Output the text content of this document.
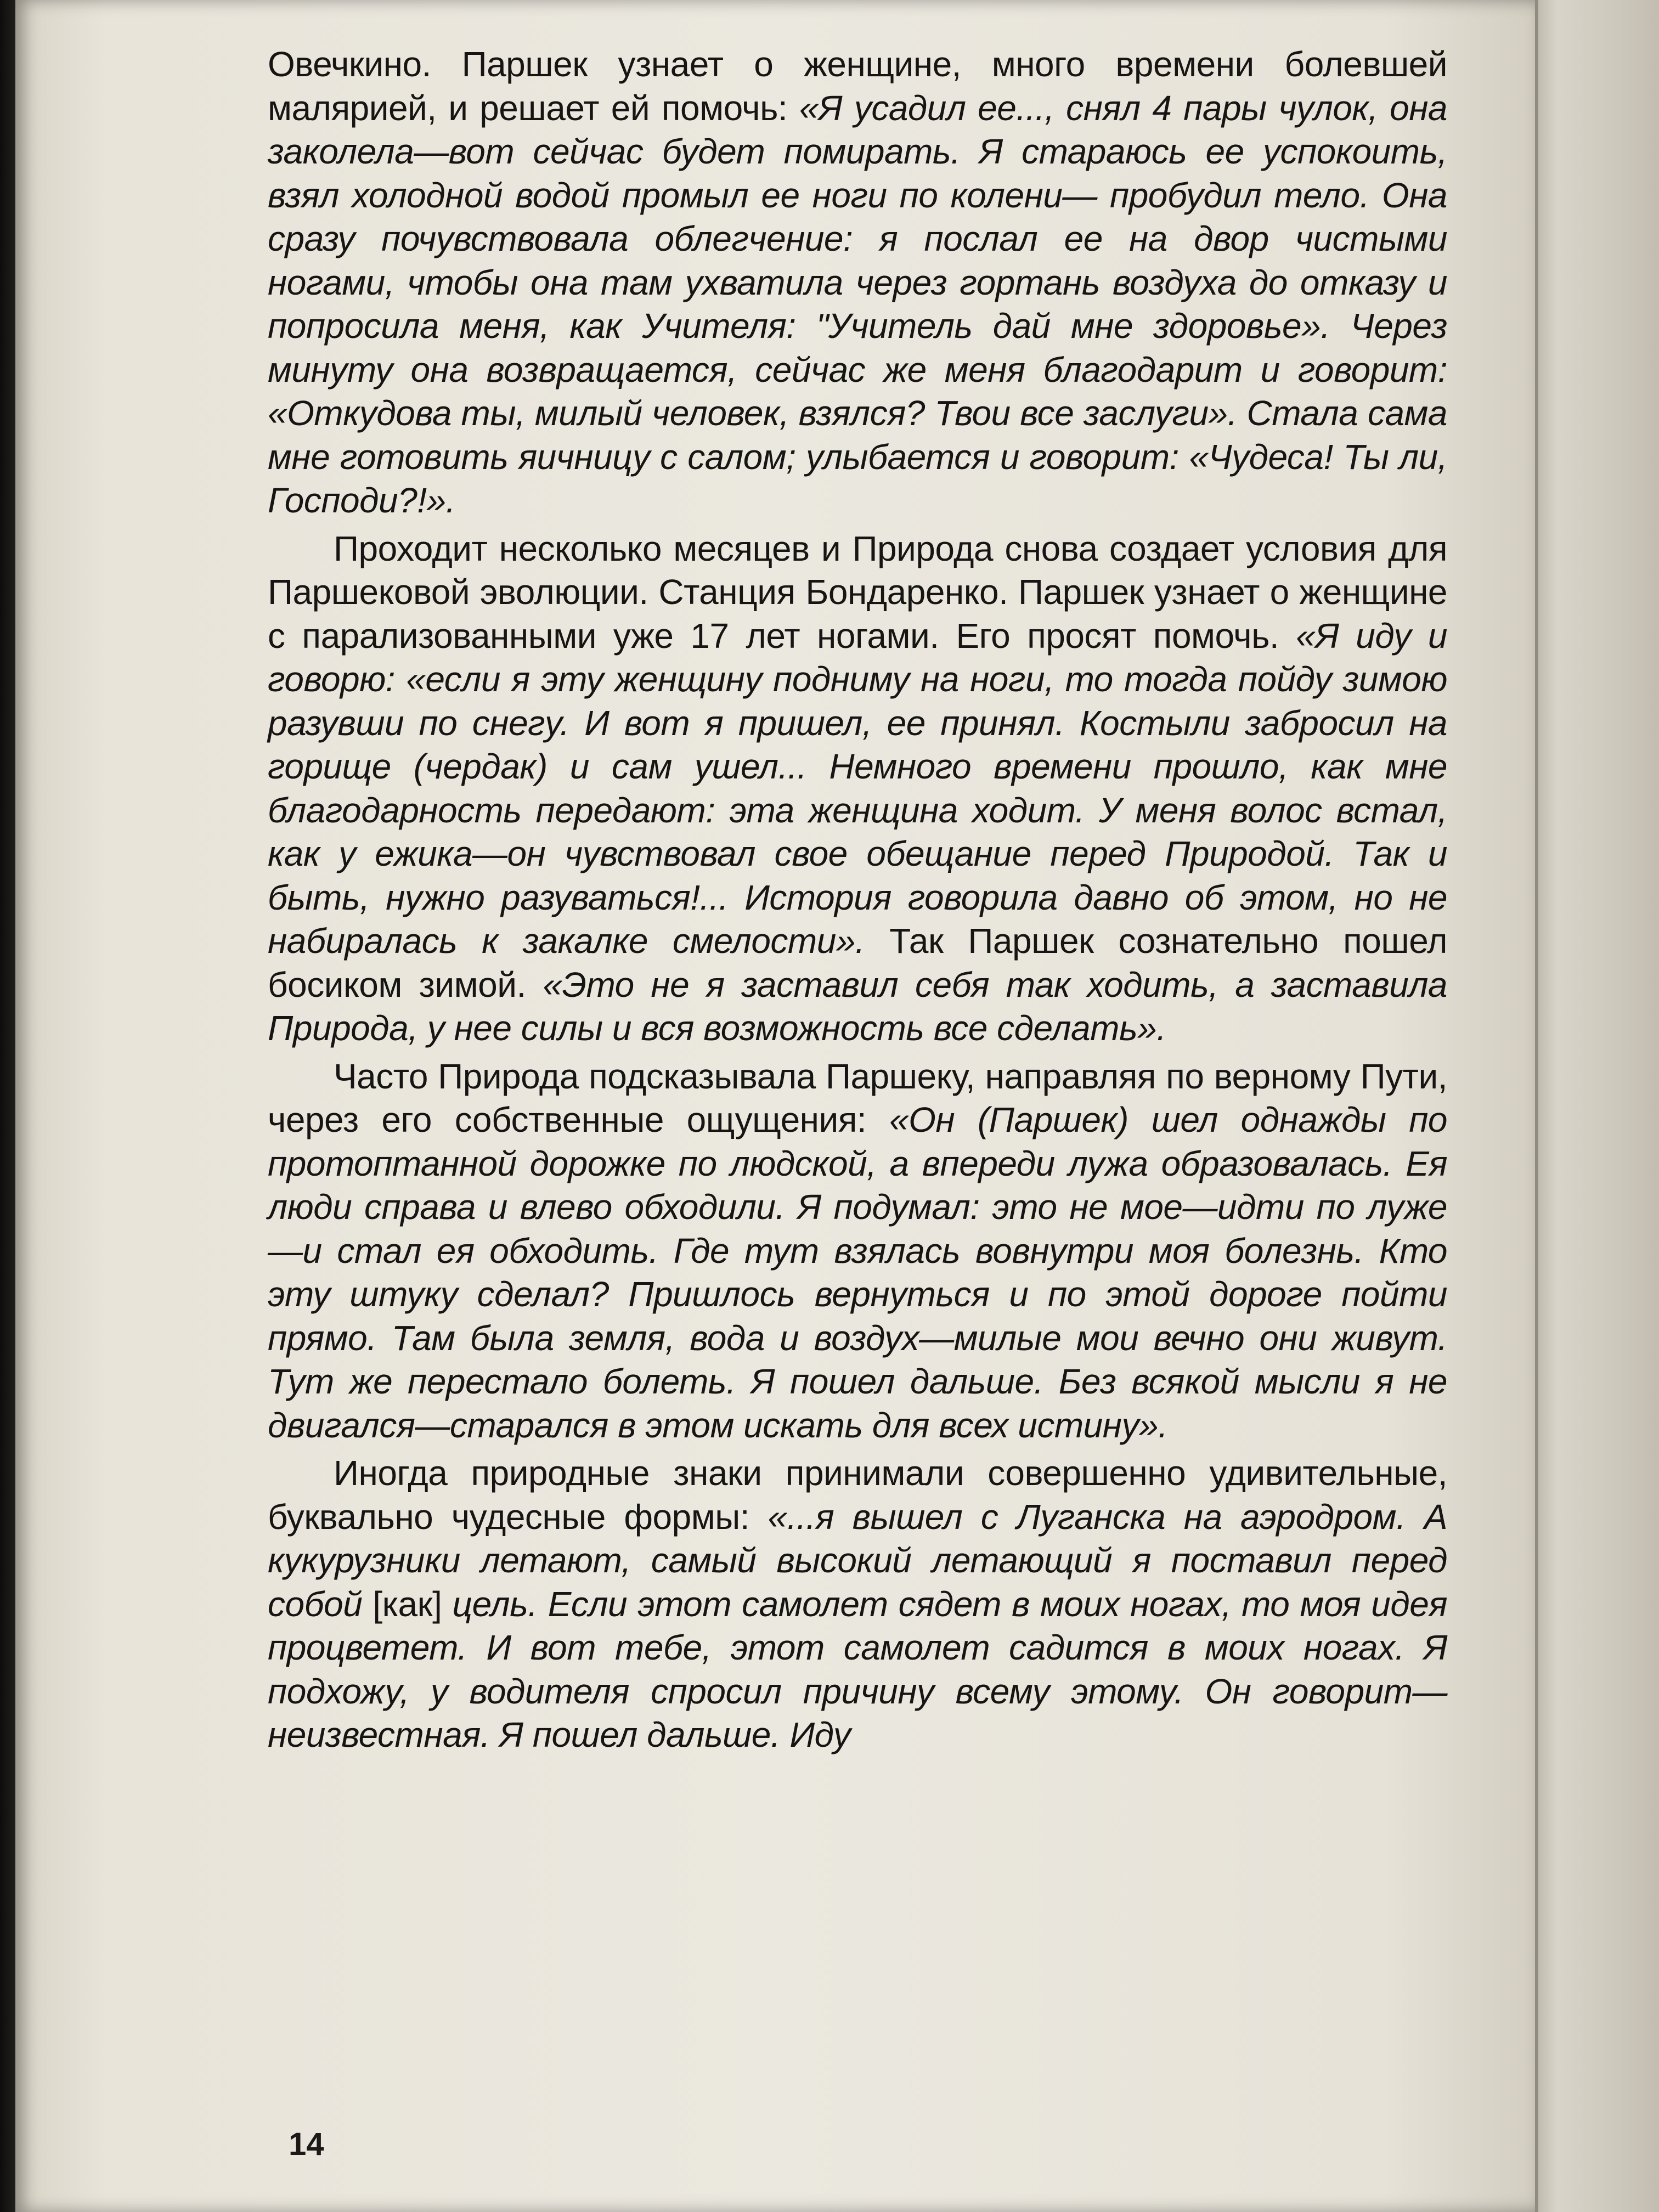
Овечкино. Паршек узнает о женщине, много времени болевшей малярией, и решает ей помочь: «Я усадил ее..., снял 4 пары чулок, она заколела—вот сейчас будет помирать. Я стараюсь ее успокоить, взял холодной водой промыл ее ноги по колени— пробудил тело. Она сразу почувствовала облегчение: я послал ее на двор чистыми ногами, чтобы она там ухватила через гортань воздуха до отказу и попросила меня, как Учителя: "Учитель дай мне здоровье». Через минуту она возвращается, сейчас же меня благодарит и говорит: «Откудова ты, милый человек, взялся? Твои все заслуги». Стала сама мне готовить яичницу с салом; улыбается и говорит: «Чудеса! Ты ли, Господи?!».

Проходит несколько месяцев и Природа снова создает условия для Паршековой эволюции. Станция Бондаренко. Паршек узнает о женщине с парализованными уже 17 лет ногами. Его просят помочь. «Я иду и говорю: «если я эту женщину подниму на ноги, то тогда пойду зимою разувши по снегу. И вот я пришел, ее принял. Костыли забросил на горище (чердак) и сам ушел... Немного времени прошло, как мне благодарность передают: эта женщина ходит. У меня волос встал, как у ежика—он чувствовал свое обещание перед Природой. Так и быть, нужно разуваться!... История говорила давно об этом, но не набиралась к закалке смелости». Так Паршек сознательно пошел босиком зимой. «Это не я заставил себя так ходить, а заставила Природа, у нее силы и вся возможность все сделать».

Часто Природа подсказывала Паршеку, направляя по верному Пути, через его собственные ощущения: «Он (Паршек) шел однажды по протоптанной дорожке по людской, а впереди лужа образовалась. Ея люди справа и влево обходили. Я подумал: это не мое—идти по луже—и стал ея обходить. Где тут взялась вовнутри моя болезнь. Кто эту штуку сделал? Пришлось вернуться и по этой дороге пойти прямо. Там была земля, вода и воздух—милые мои вечно они живут. Тут же перестало болеть. Я пошел дальше. Без всякой мысли я не двигался—старался в этом искать для всех истину».

Иногда природные знаки принимали совершенно удивительные, буквально чудесные формы: «...я вышел с Луганска на аэродром. А кукурузники летают, самый высокий летающий я поставил перед собой [как] цель. Если этот самолет сядет в моих ногах, то моя идея процветет. И вот тебе, этот самолет садится в моих ногах. Я подхожу, у водителя спросил причину всему этому. Он говорит—неизвестная. Я пошел дальше. Иду

14
